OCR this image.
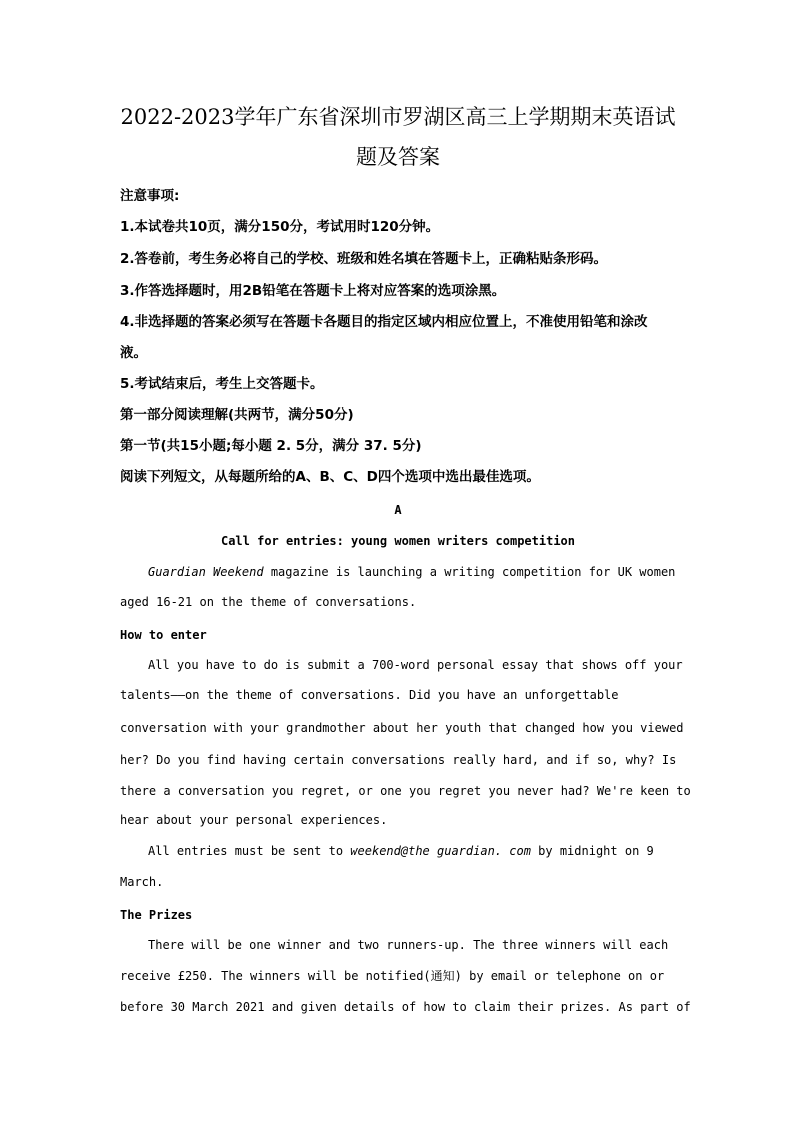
2022-2023学年广东省深圳市罗湖区高三上学期期末英语试
题及答案
注意事项:
1.本试卷共10页，满分150分，考试用时120分钟。
2.答卷前，考生务必将自己的学校、班级和姓名填在答题卡上，正确粘贴条形码。
3.作答选择题时，用2B铅笔在答题卡上将对应答案的选项涂黑。
4.非选择题的答案必须写在答题卡各题目的指定区域内相应位置上，不准使用铅笔和涂改
液。
5.考试结束后，考生上交答题卡。
第一部分阅读理解(共两节，满分50分)
第一节(共15小题;每小题 2. 5分，满分 37. 5分)
阅读下列短文，从每题所给的A、B、C、D四个选项中选出最佳选项。
A
Call for entries: young women writers competition
Guardian Weekend magazine is launching a writing competition for UK women
aged 16-21 on the theme of conversations.
How to enter
All you have to do is submit a 700-word personal essay that shows off your
talents——on the theme of conversations. Did you have an unforgettable
conversation with your grandmother about her youth that changed how you viewed
her? Do you find having certain conversations really hard, and if so, why? Is
there a conversation you regret, or one you regret you never had? We're keen to
hear about your personal experiences.
All entries must be sent to weekend@the guardian. com by midnight on 9
March.
The Prizes
There will be one winner and two runners-up. The three winners will each
receive £250. The winners will be notified(通知) by email or telephone on or
before 30 March 2021 and given details of how to claim their prizes. As part of
